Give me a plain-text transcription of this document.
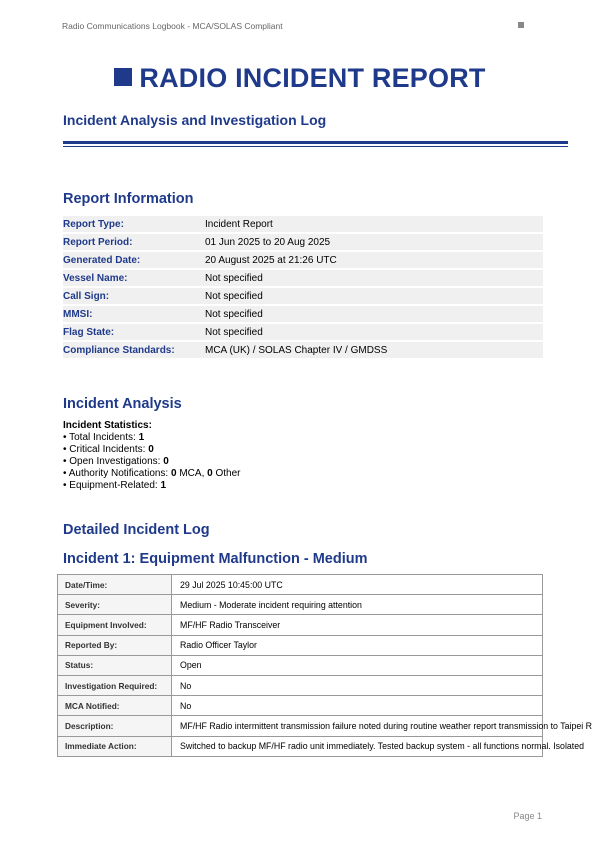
Radio Communications Logbook - MCA/SOLAS Compliant
RADIO INCIDENT REPORT
Incident Analysis and Investigation Log
Report Information
Report Type:	Incident Report
Report Period:	01 Jun 2025 to 20 Aug 2025
Generated Date:	20 August 2025 at 21:26 UTC
Vessel Name:	Not specified
Call Sign:	Not specified
MMSI:	Not specified
Flag State:	Not specified
Compliance Standards:	MCA (UK) / SOLAS Chapter IV / GMDSS
Incident Analysis
Incident Statistics:
• Total Incidents: 1
• Critical Incidents: 0
• Open Investigations: 0
• Authority Notifications: 0 MCA, 0 Other
• Equipment-Related: 1
Detailed Incident Log
Incident 1: Equipment Malfunction - Medium
Date/Time:	29 Jul 2025 10:45:00 UTC
Severity:	Medium - Moderate incident requiring attention
Equipment Involved:	MF/HF Radio Transceiver
Reported By:	Radio Officer Taylor
Status:	Open
Investigation Required:	No
MCA Notified:	No
Description:	MF/HF Radio intermittent transmission failure noted during routine weather report transmission to Taipei R
Immediate Action:	Switched to backup MF/HF radio unit immediately. Tested backup system - all functions normal. Isolated
Page 1
